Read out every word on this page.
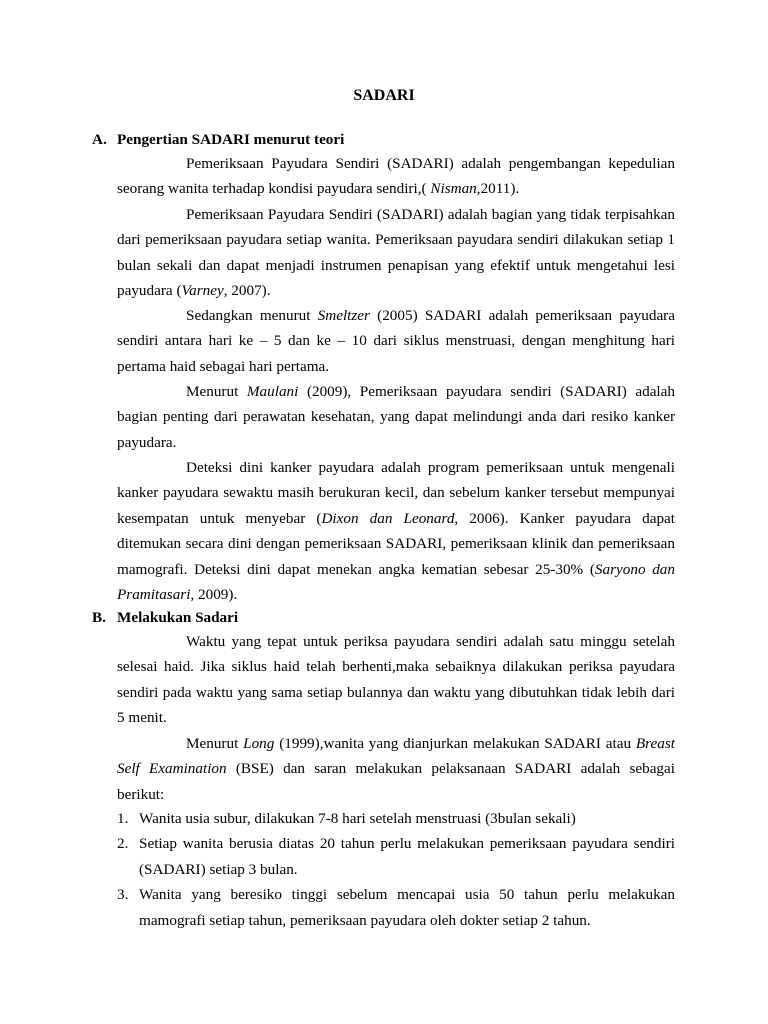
SADARI
A. Pengertian SADARI menurut teori

Pemeriksaan Payudara Sendiri (SADARI) adalah pengembangan kepedulian seorang wanita terhadap kondisi payudara sendiri,( Nisman,2011).

Pemeriksaan Payudara Sendiri (SADARI) adalah bagian yang tidak terpisahkan dari pemeriksaan payudara setiap wanita. Pemeriksaan payudara sendiri dilakukan setiap 1 bulan sekali dan dapat menjadi instrumen penapisan yang efektif untuk mengetahui lesi payudara (Varney, 2007).

Sedangkan menurut Smeltzer (2005) SADARI adalah pemeriksaan payudara sendiri antara hari ke – 5 dan ke – 10 dari siklus menstruasi, dengan menghitung hari pertama haid sebagai hari pertama.

Menurut Maulani (2009), Pemeriksaan payudara sendiri (SADARI) adalah bagian penting dari perawatan kesehatan, yang dapat melindungi anda dari resiko kanker payudara.

Deteksi dini kanker payudara adalah program pemeriksaan untuk mengenali kanker payudara sewaktu masih berukuran kecil, dan sebelum kanker tersebut mempunyai kesempatan untuk menyebar (Dixon dan Leonard, 2006). Kanker payudara dapat ditemukan secara dini dengan pemeriksaan SADARI, pemeriksaan klinik dan pemeriksaan mamografi. Deteksi dini dapat menekan angka kematian sebesar 25-30% (Saryono dan Pramitasari, 2009).

B. Melakukan Sadari

Waktu yang tepat untuk periksa payudara sendiri adalah satu minggu setelah selesai haid. Jika siklus haid telah berhenti,maka sebaiknya dilakukan periksa payudara sendiri pada waktu yang sama setiap bulannya dan waktu yang dibutuhkan tidak lebih dari 5 menit.

Menurut Long (1999),wanita yang dianjurkan melakukan SADARI atau Breast Self Examination (BSE) dan saran melakukan pelaksanaan SADARI adalah sebagai berikut:

1. Wanita usia subur, dilakukan 7-8 hari setelah menstruasi (3bulan sekali)
2. Setiap wanita berusia diatas 20 tahun perlu melakukan pemeriksaan payudara sendiri (SADARI) setiap 3 bulan.
3. Wanita yang beresiko tinggi sebelum mencapai usia 50 tahun perlu melakukan mamografi setiap tahun, pemeriksaan payudara oleh dokter setiap 2 tahun.
